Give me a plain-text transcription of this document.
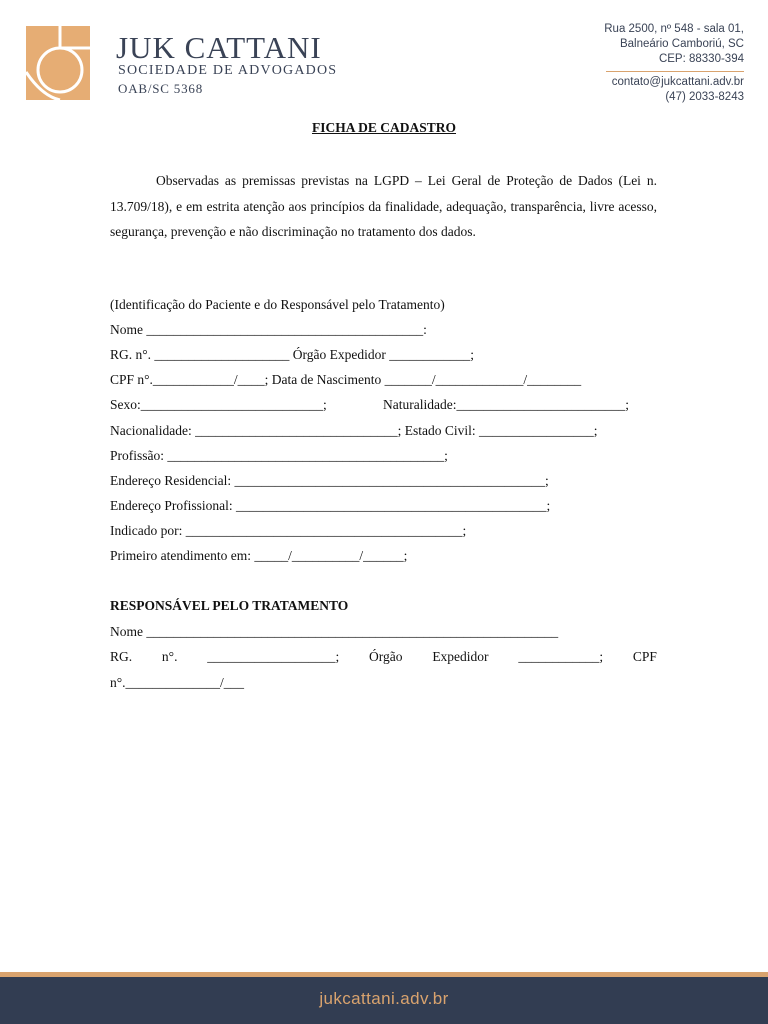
JUK CATTANI
SOCIEDADE DE ADVOGADOS
OAB/SC 5368
Rua 2500, nº 548 - sala 01,
Balneário Camboriú, SC
CEP: 88330-394
contato@jukcattani.adv.br
(47) 2033-8243
FICHA DE CADASTRO

Observadas as premissas previstas na LGPD – Lei Geral de Proteção de Dados (Lei n. 13.709/18), e em estrita atenção aos princípios da finalidade, adequação, transparência, livre acesso, segurança, prevenção e não discriminação no tratamento dos dados.

(Identificação do Paciente e do Responsável pelo Tratamento)
Nome _________________________________________:
RG. n°. ____________________ Órgão Expedidor ____________;
CPF n°.____________/____; Data de Nascimento _______/_____________/________
Sexo:___________________________;	Naturalidade:_________________________;
Nacionalidade: ______________________________; Estado Civil: _________________;
Profissão: _________________________________________;
Endereço Residencial: ______________________________________________;
Endereço Profissional: ______________________________________________;
Indicado por: _________________________________________;
Primeiro atendimento em: _____/__________/______;
RESPONSÁVEL PELO TRATAMENTO
Nome _____________________________________________________________
RG. n°. ___________________; Órgão Expedidor ____________; CPF
n°.______________/___
jukcattani.adv.br
